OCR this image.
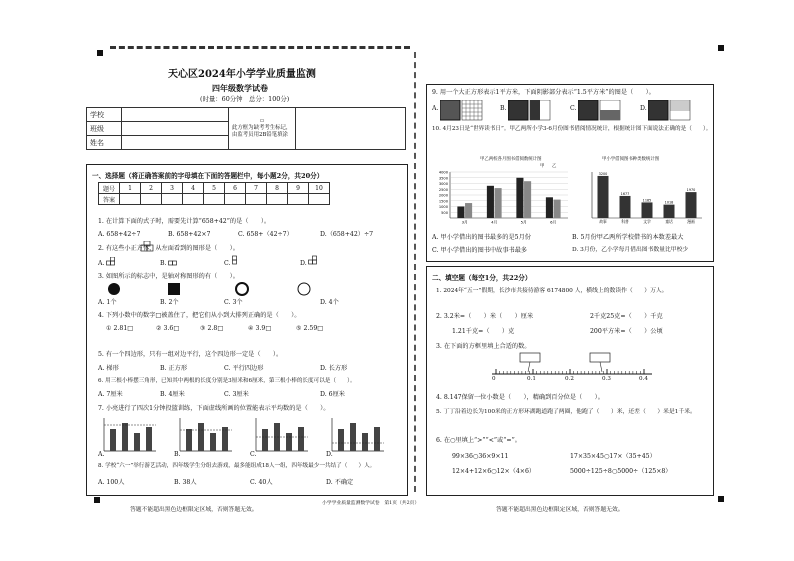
天心区2024年小学学业质量监测
四年级数学试卷
(时量：60分钟　总分：100分)
学校		▭
此方框为缺考考生标记，由监考员用2B铅笔填涂	
班级			
姓名			
一、选择题（将正确答案前的字母填在下面的答题栏中，每小题2分，共20分）
题号	1	2	3	4	5	6	7	8	9	10
答案										
1. 在计算下面的式子时，需要先计算“658+42”的是（　　）。
A. 658+42÷7	B. 658+42×7	C. 658+（42÷7）	D.（658+42）÷7
2. 有这些小正方体，从左面看到的图形是（　　）。
A.	B.	C.	D.
3. 如图所示的标志中，是轴对称图形的有（　　）。
A. 1个	B. 2个	C. 3个	D. 4个
4. 下列小数中的数字□被盖住了，把它们从小到大排列正确的是（　　）。
① 2.81□	② 3.6□	③ 2.8□	④ 3.9□	⑤ 2.59□
5. 有一个四边形，只有一组对边平行，这个四边形一定是（　　）。
A. 梯形	B. 正方形	C. 平行四边形	D. 长方形
6. 用三根小棒摆三角形，已知其中两根的长度分别是3厘米和6厘米，第三根小棒的长度可以是（　　）。
A. 7厘米	B. 4厘米	C. 3厘米	D. 6厘米
7. 小亮进行了四次1分钟投篮训练，下面虚线所画的位置能表示平均数的是（　　）。
A.	B.	C.	D.
8. 学校“六一”举行游艺活动，四年级学生分组去游戏，最多能组成18人一组，四年级最少一共结了（　　）人。
A. 100人	B. 38人	C. 40人	D. 不确定
9. 用一个大正方形表示1平方米，下面阴影部分表示“1.5平方米”的图是（　　）。
A.	B.	C.	D.
10. 4月23日是“世界读书日”。甲乙两所小学3-6月份图书借阅情况统计，根据统计图下面说法正确的是（　　）。
甲乙两校各月图书借阅数统计图
甲 乙
500
1000
1500
2000
2500
3000
3500
4000
3月	4月	5月	6月
甲小学借阅图书种类数统计图
3200
故事
1677
科普
1185
文学
1018
童话
1970
漫画
A. 甲小学借出的图书最多的是5月份	B. 5月份甲乙两所学校借书的本数差最大
C. 甲小学借出的图书中故事书最多	D. 3月份，乙小学每月借出图书数量比甲校少
二、填空题（每空1分，共22分）
1. 2024年“五一”假期，长沙市共接待游客 6174800 人，横线上的数读作（　　）万人。
2. 3.2米=（　　）米（　　）厘米	2千克25克=（　　）千克
1.21千克=（　　）克	200平方米=（　　）公顷
3. 在下面的方框里填上合适的数。
0	0.1	0.2	0.3	0.4
4. 8.147保留一位小数是（　　），精确到百分位是（　　）。
5. 丁丁沿着边长为100米的正方形环湖跑道跑了两圈，他跑了（　　）米，还差（　　）米是1千米。
6. 在○里填上“>”“<”或“=”。
99×36○36×9×11	17×35×45○17×（35+45）
12×4+12×6○12×（4×6）	5000÷125÷8○5000÷（125×8）
答题不能超出黑色边框限定区域，否则答题无效。
小学学业质量监测数学试卷　第1页（共2页）
答题不能超出黑色边框限定区域，否则答题无效。
